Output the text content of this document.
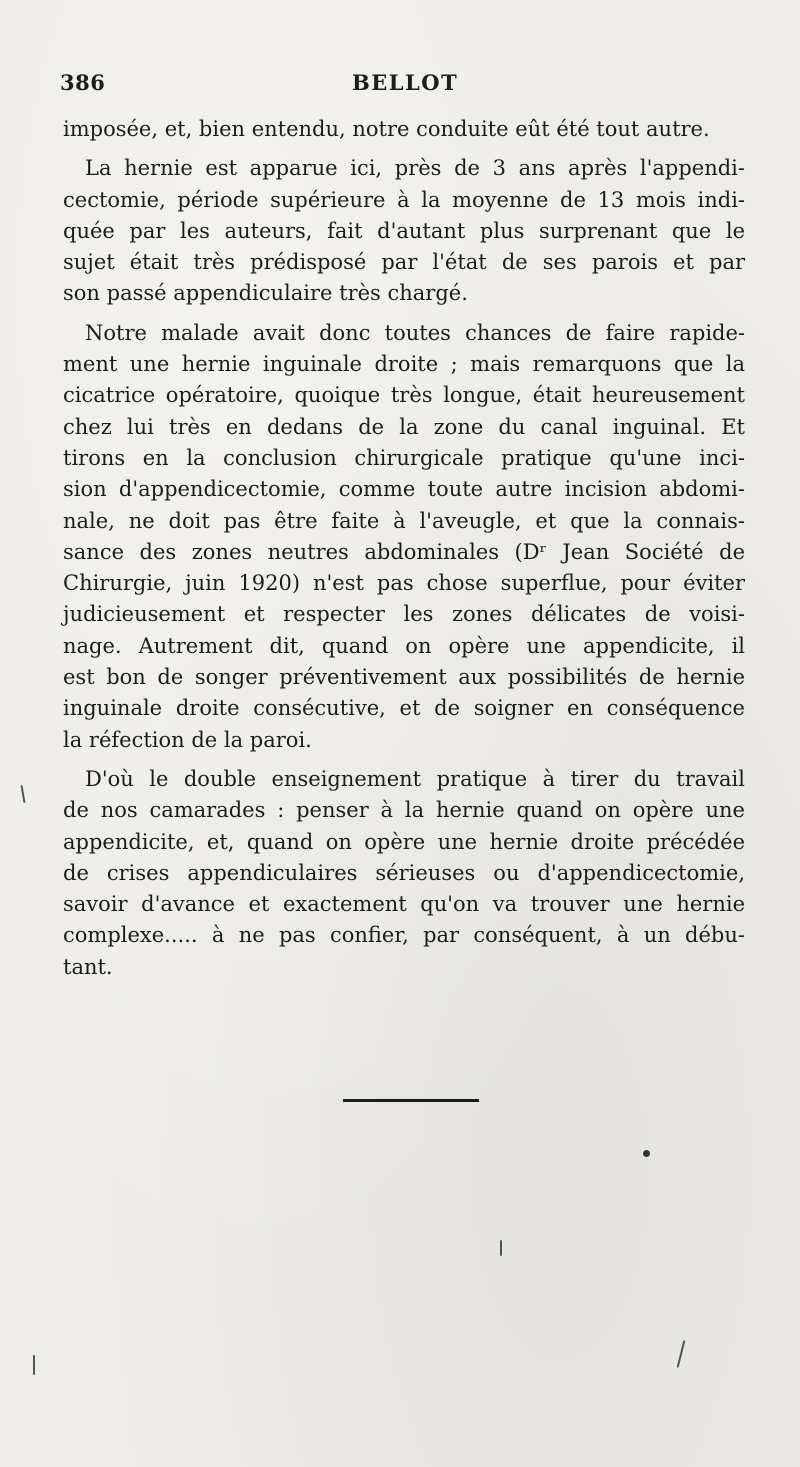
386	BELLOT
imposée, et, bien entendu, notre conduite eût été tout autre.
La hernie est apparue ici, près de 3 ans après l'appendi-
cectomie, période supérieure à la moyenne de 13 mois indi-
quée par les auteurs, fait d'autant plus surprenant que le
sujet était très prédisposé par l'état de ses parois et par
son passé appendiculaire très chargé.
Notre malade avait donc toutes chances de faire rapide-
ment une hernie inguinale droite ; mais remarquons que la
cicatrice opératoire, quoique très longue, était heureusement
chez lui très en dedans de la zone du canal inguinal. Et
tirons en la conclusion chirurgicale pratique qu'une inci-
sion d'appendicectomie, comme toute autre incision abdomi-
nale, ne doit pas être faite à l'aveugle, et que la connais-
sance des zones neutres abdominales (Dʳ Jean Société de
Chirurgie, juin 1920) n'est pas chose superflue, pour éviter
judicieusement et respecter les zones délicates de voisi-
nage. Autrement dit, quand on opère une appendicite, il
est bon de songer préventivement aux possibilités de hernie
inguinale droite consécutive, et de soigner en conséquence
la réfection de la paroi.
D'où le double enseignement pratique à tirer du travail
de nos camarades : penser à la hernie quand on opère une
appendicite, et, quand on opère une hernie droite précédée
de crises appendiculaires sérieuses ou d'appendicectomie,
savoir d'avance et exactement qu'on va trouver une hernie
complexe..... à ne pas confier, par conséquent, à un débu-
tant.
